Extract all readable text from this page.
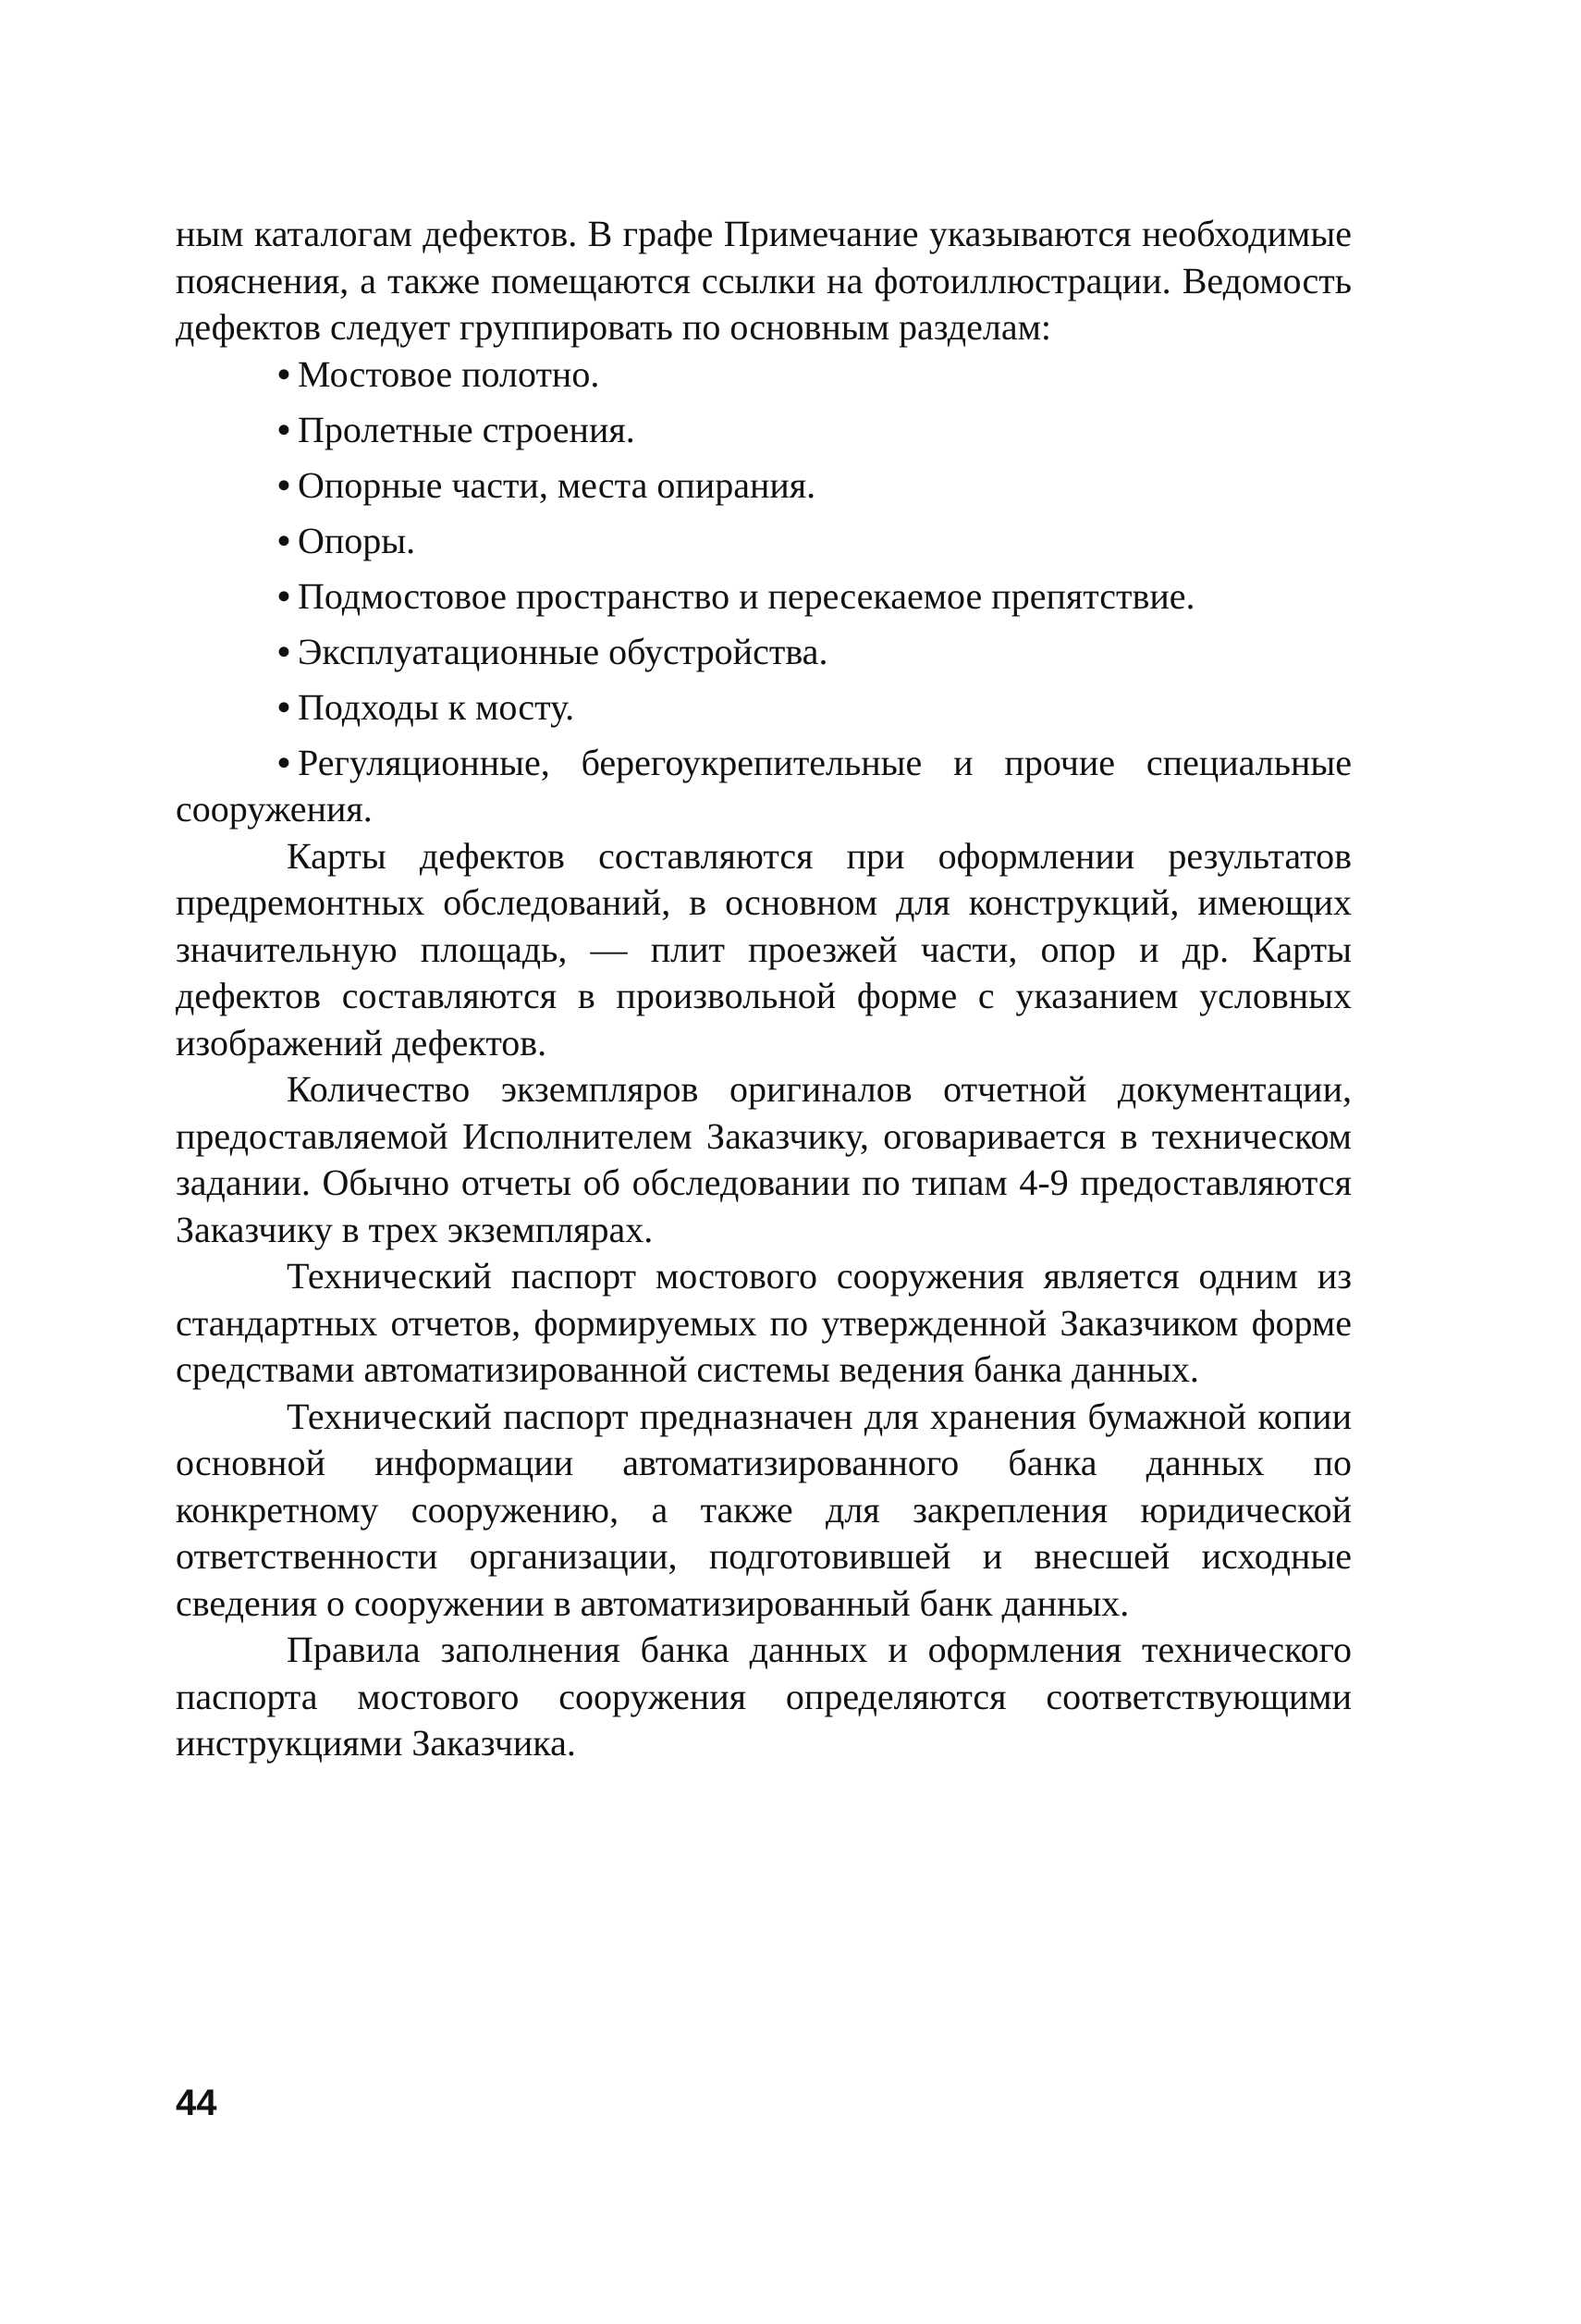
ным каталогам дефектов. В графе Примечание указываются необходимые пояснения, а также помещаются ссылки на фотоиллюстрации. Ведомость дефектов следует группировать по основным разделам:

• Мостовое полотно.
• Пролетные строения.
• Опорные части, места опирания.
• Опоры.
• Подмостовое пространство и пересекаемое препятствие.
• Эксплуатационные обустройства.
• Подходы к мосту.
• Регуляционные, берегоукрепительные и прочие специальные сооружения.

Карты дефектов составляются при оформлении результатов предремонтных обследований, в основном для конструкций, имеющих значительную площадь, — плит проезжей части, опор и др. Карты дефектов составляются в произвольной форме с указанием условных изображений дефектов.

Количество экземпляров оригиналов отчетной документации, предоставляемой Исполнителем Заказчику, оговаривается в техническом задании. Обычно отчеты об обследовании по типам 4-9 предоставляются Заказчику в трех экземплярах.

Технический паспорт мостового сооружения является одним из стандартных отчетов, формируемых по утвержденной Заказчиком форме средствами автоматизированной системы ведения банка данных.

Технический паспорт предназначен для хранения бумажной копии основной информации автоматизированного банка данных по конкретному сооружению, а также для закрепления юридической ответственности организации, подготовившей и внесшей исходные сведения о сооружении в автоматизированный банк данных.

Правила заполнения банка данных и оформления технического паспорта мостового сооружения определяются соответствующими инструкциями Заказчика.

44
